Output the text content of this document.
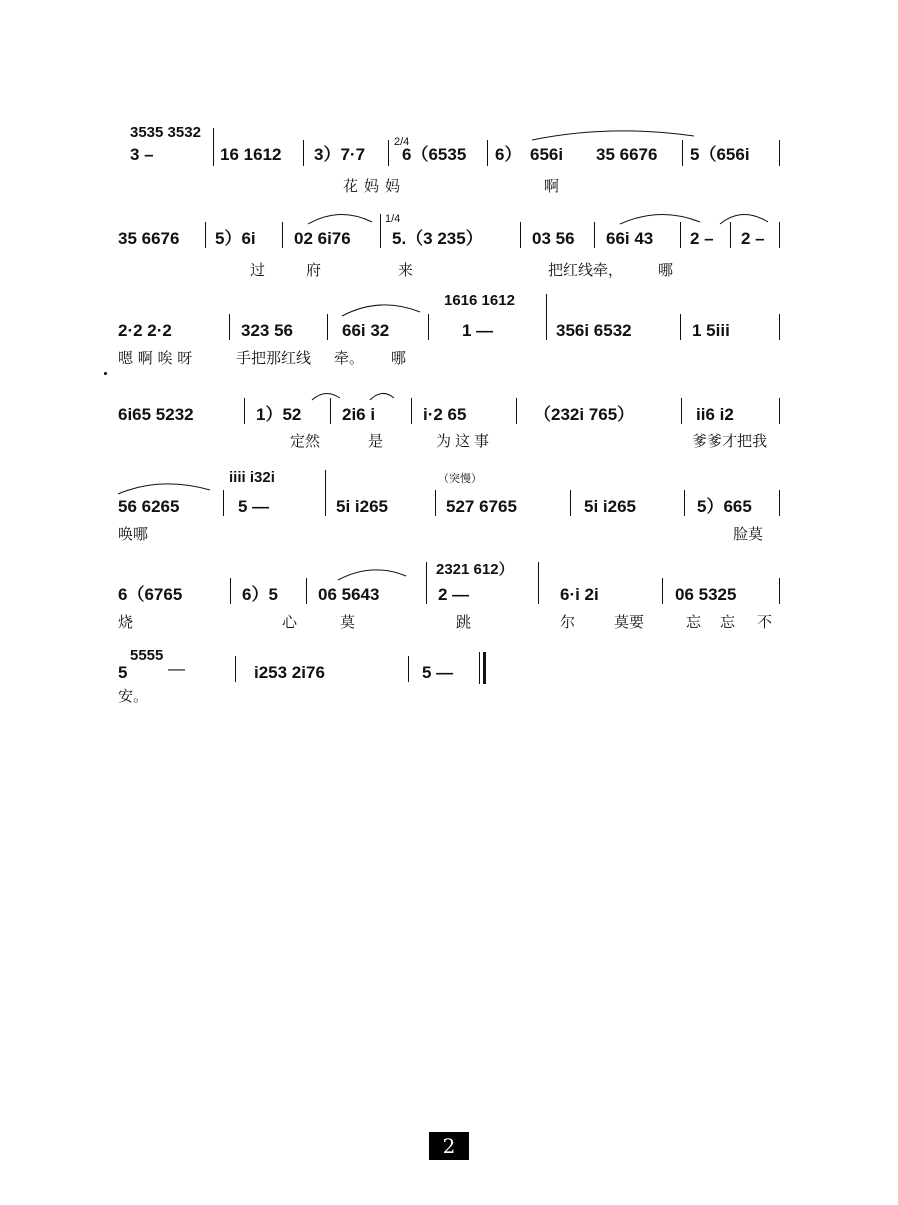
3535 3532
3 –	16 1612 3）7·7
2/4
6（6535 6） 656i 35 6676 5（656i
花妈妈	啊
35 6676 5）6i 02 6i76
1/4
5.（3 235）	03 56 66i 43 2 – 2 –
过	府	来	把红线牵， 哪
1616 1612
2·2 2·2	323 56	66i 32	1 —	356i 6532	1 5iii
嗯 啊 唉 呀	手把那红线 牵。 哪
6i65 5232	1）52 2i6 i	i·2 65	（232i 765）	ii6 i2
定然	是	为这事	爹爹才把我
iiii i32i	（突慢）
56 6265	5 —	5i i265	527 6765	5i i265	5）665
唤哪	脸莫
2321 612）
6（6765	6）5 06 5643	2 —	6·i 2i	06 5325
烧	心	莫	跳	尔	莫要	忘 忘 不
5555
5 —	i253 2i76	5 —
安。
2
